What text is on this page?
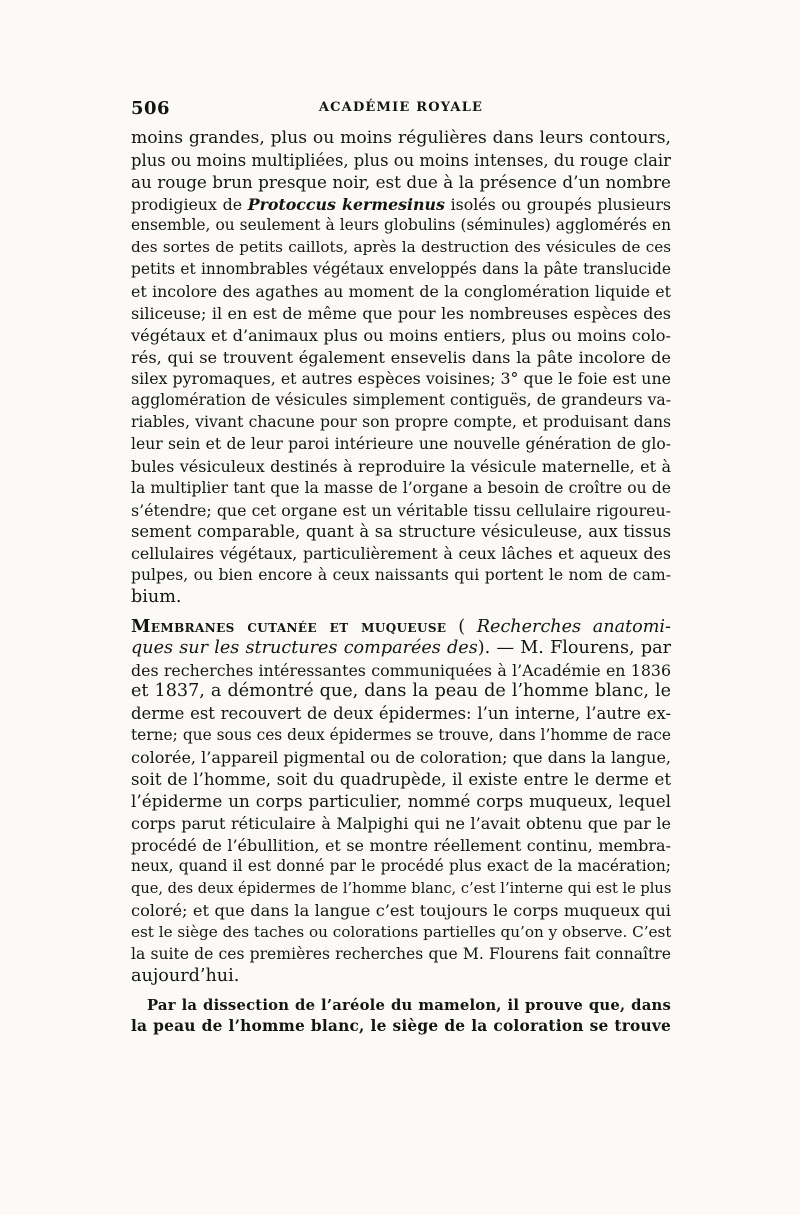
506	ACADÉMIE ROYALE
moins grandes, plus ou moins régulières dans leurs contours,
plus ou moins multipliées, plus ou moins intenses, du rouge clair
au rouge brun presque noir, est due à la présence d’un nombre
prodigieux de Protoccus kermesinus isolés ou groupés plusieurs
ensemble, ou seulement à leurs globulins (séminules) agglomérés en
des sortes de petits caillots, après la destruction des vésicules de ces
petits et innombrables végétaux enveloppés dans la pâte translucide
et incolore des agathes au moment de la conglomération liquide et
siliceuse; il en est de même que pour les nombreuses espèces des
végétaux et d’animaux plus ou moins entiers, plus ou moins colo-
rés, qui se trouvent également ensevelis dans la pâte incolore de
silex pyromaques, et autres espèces voisines; 3° que le foie est une
agglomération de vésicules simplement contiguës, de grandeurs va-
riables, vivant chacune pour son propre compte, et produisant dans
leur sein et de leur paroi intérieure une nouvelle génération de glo-
bules vésiculeux destinés à reproduire la vésicule maternelle, et à
la multiplier tant que la masse de l’organe a besoin de croître ou de
s’étendre; que cet organe est un véritable tissu cellulaire rigoureu-
sement comparable, quant à sa structure vésiculeuse, aux tissus
cellulaires végétaux, particulièrement à ceux lâches et aqueux des
pulpes, ou bien encore à ceux naissants qui portent le nom de cam-
bium.
Membranes cutanée et muqueuse ( Recherches anatomi-
ques sur les structures comparées des). — M. Flourens, par
des recherches intéressantes communiquées à l’Académie en 1836
et 1837, a démontré que, dans la peau de l’homme blanc, le
derme est recouvert de deux épidermes: l’un interne, l’autre ex-
terne; que sous ces deux épidermes se trouve, dans l’homme de race
colorée, l’appareil pigmental ou de coloration; que dans la langue,
soit de l’homme, soit du quadrupède, il existe entre le derme et
l’épiderme un corps particulier, nommé corps muqueux, lequel
corps parut réticulaire à Malpighi qui ne l’avait obtenu que par le
procédé de l’ébullition, et se montre réellement continu, membra-
neux, quand il est donné par le procédé plus exact de la macération;
que, des deux épidermes de l’homme blanc, c’est l’interne qui est le plus
coloré; et que dans la langue c’est toujours le corps muqueux qui
est le siège des taches ou colorations partielles qu’on y observe. C’est
la suite de ces premières recherches que M. Flourens fait connaître
aujourd’hui.
Par la dissection de l’aréole du mamelon, il prouve que, dans
la peau de l’homme blanc, le siège de la coloration se trouve
